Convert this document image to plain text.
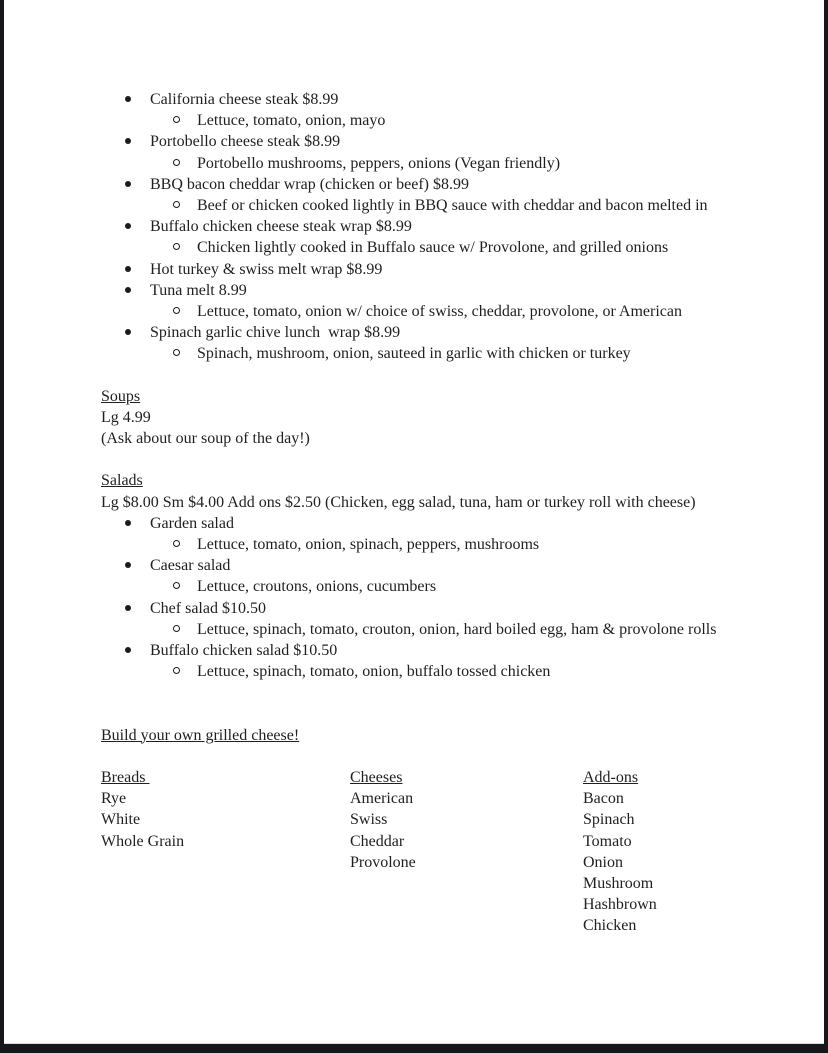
California cheese steak $8.99
Lettuce, tomato, onion, mayo
Portobello cheese steak $8.99
Portobello mushrooms, peppers, onions (Vegan friendly)
BBQ bacon cheddar wrap (chicken or beef) $8.99
Beef or chicken cooked lightly in BBQ sauce with cheddar and bacon melted in
Buffalo chicken cheese steak wrap $8.99
Chicken lightly cooked in Buffalo sauce w/ Provolone, and grilled onions
Hot turkey & swiss melt wrap $8.99
Tuna melt 8.99
Lettuce, tomato, onion w/ choice of swiss, cheddar, provolone, or American
Spinach garlic chive lunch  wrap $8.99
Spinach, mushroom, onion, sauteed in garlic with chicken or turkey
Soups
Lg 4.99
(Ask about our soup of the day!)
Salads
Lg $8.00 Sm $4.00 Add ons $2.50 (Chicken, egg salad, tuna, ham or turkey roll with cheese)
Garden salad
Lettuce, tomato, onion, spinach, peppers, mushrooms
Caesar salad
Lettuce, croutons, onions, cucumbers
Chef salad $10.50
Lettuce, spinach, tomato, crouton, onion, hard boiled egg, ham & provolone rolls
Buffalo chicken salad $10.50
Lettuce, spinach, tomato, onion, buffalo tossed chicken
Build your own grilled cheese!
Breads
Rye
White
Whole Grain
Cheeses
American
Swiss
Cheddar
Provolone
Add-ons
Bacon
Spinach
Tomato
Onion
Mushroom
Hashbrown
Chicken
